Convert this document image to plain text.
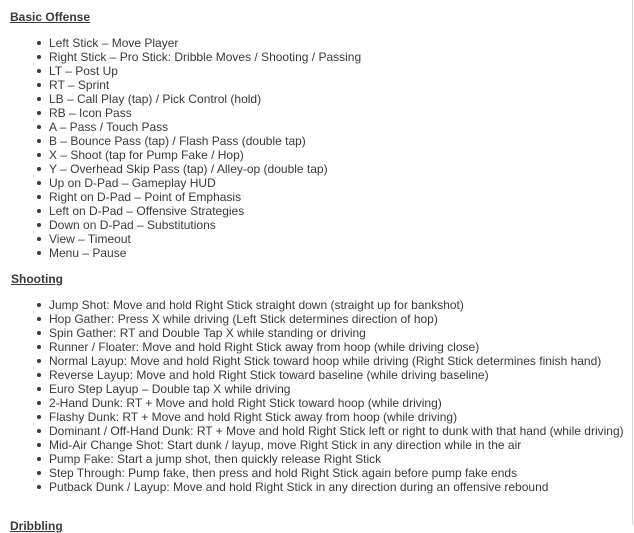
Basic Offense
Left Stick – Move Player
Right Stick – Pro Stick: Dribble Moves / Shooting / Passing
LT – Post Up
RT – Sprint
LB – Call Play (tap) / Pick Control (hold)
RB – Icon Pass
A – Pass / Touch Pass
B – Bounce Pass (tap) / Flash Pass (double tap)
X – Shoot (tap for Pump Fake / Hop)
Y – Overhead Skip Pass (tap) / Alley-op (double tap)
Up on D-Pad – Gameplay HUD
Right on D-Pad – Point of Emphasis
Left on D-Pad – Offensive Strategies
Down on D-Pad – Substitutions
View – Timeout
Menu – Pause
Shooting
Jump Shot: Move and hold Right Stick straight down (straight up for bankshot)
Hop Gather: Press X while driving (Left Stick determines direction of hop)
Spin Gather: RT and Double Tap X while standing or driving
Runner / Floater: Move and hold Right Stick away from hoop (while driving close)
Normal Layup: Move and hold Right Stick toward hoop while driving (Right Stick determines finish hand)
Reverse Layup: Move and hold Right Stick toward baseline (while driving baseline)
Euro Step Layup – Double tap X while driving
2-Hand Dunk: RT + Move and hold Right Stick toward hoop (while driving)
Flashy Dunk: RT + Move and hold Right Stick away from hoop (while driving)
Dominant / Off-Hand Dunk: RT + Move and hold Right Stick left or right to dunk with that hand (while driving)
Mid-Air Change Shot: Start dunk / layup, move Right Stick in any direction while in the air
Pump Fake: Start a jump shot, then quickly release Right Stick
Step Through: Pump fake, then press and hold Right Stick again before pump fake ends
Putback Dunk / Layup: Move and hold Right Stick in any direction during an offensive rebound
Dribbling
